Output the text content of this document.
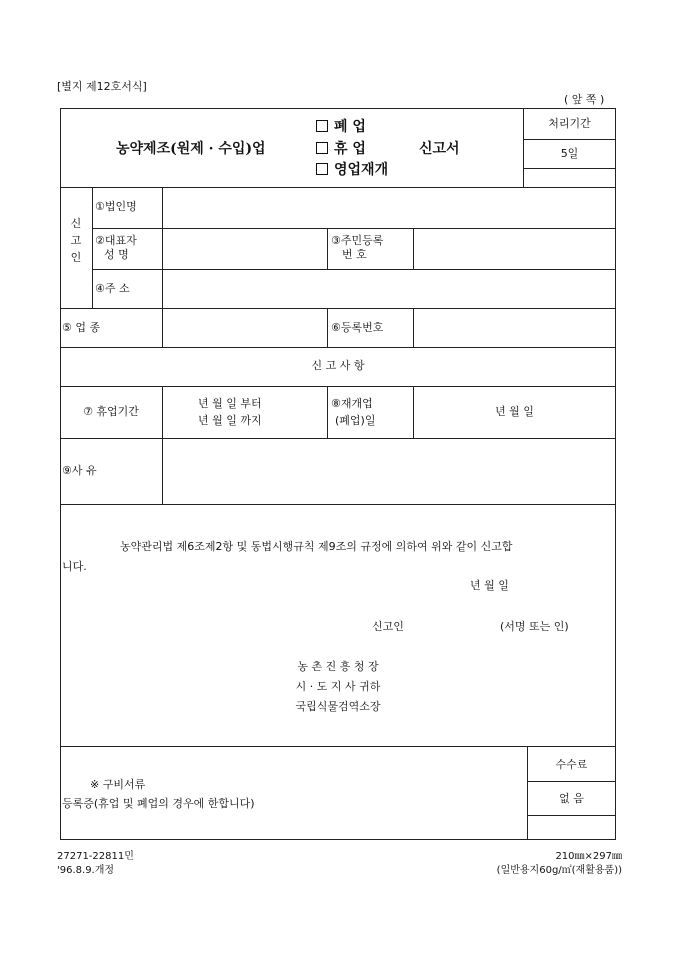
[별지 제12호서식]
( 앞 쪽 )
농약제조(원제 · 수입)업
폐 업
휴 업
영업재개
신고서
처리기간
5일
신
고
인
①법인명
②대표자
성 명
③주민등록
번 호
④주 소
⑤ 업 종	⑥등록번호
신 고 사 항
⑦ 휴업기간
년 월 일 부터
년 월 일 까지
⑧재개업
(폐업)일
년 월 일
⑨사 유
농약관리법 제6조제2항 및 동법시행규칙 제9조의 규정에 의하여 위와 같이 신고합
니다.
년 월 일
신고인	(서명 또는 인)
농 촌 진 흥 청 장
시 · 도 지 사 귀하
국립식물검역소장
※ 구비서류
등록증(휴업 및 폐업의 경우에 한합니다)
수수료
없 음
27271-22811민
'96.8.9.개정
210㎜×297㎜
(일반용지60g/㎡(재활용품))
